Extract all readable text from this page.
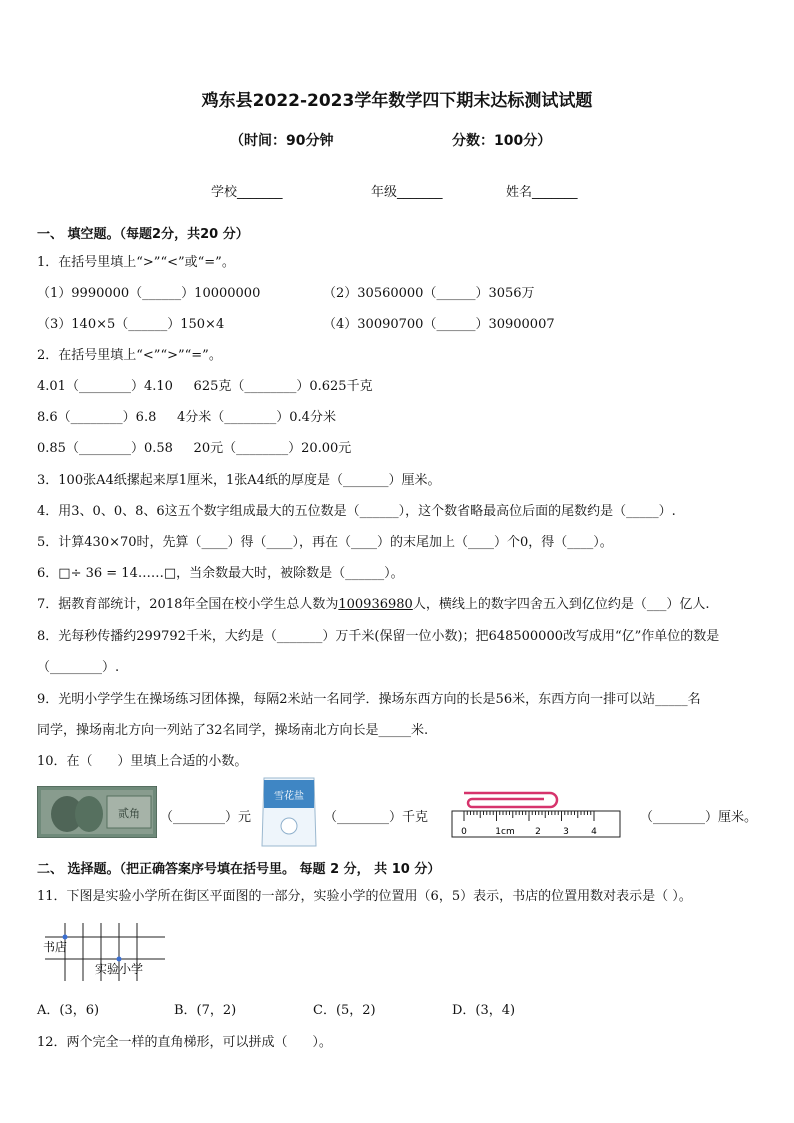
鸡东县2022-2023学年数学四下期末达标测试试题
（时间：90分钟	分数：100分）
学校_______	年级_______	姓名_______
一、 填空题。（每题2分，共20 分）
1．在括号里填上“>”“<”或“=”。
（1）9990000（______）10000000	（2）30560000（______）3056万
（3）140×5（______）150×4	（4）30090700（______）30900007
2．在括号里填上“<”“>”“=”。
4.01（________）4.10     625克（________）0.625千克
8.6（________）6.8     4分米（________）0.4分米
0.85（________）0.58     20元（________）20.00元
3．100张A4纸摞起来厚1厘米，1张A4纸的厚度是（_______）厘米。
4．用3、0、0、8、6这五个数字组成最大的五位数是（______），这个数省略最高位后面的尾数约是（_____）.
5．计算430×70时，先算（____）得（____），再在（____）的末尾加上（____）个0，得（____）。
6．□÷ 36 = 14……□，当余数最大时，被除数是（______）。
7．据教育部统计，2018年全国在校小学生总人数为100936980人，横线上的数字四舍五入到亿位约是（___）亿人.
8．光每秒传播约299792千米，大约是（_______）万千米(保留一位小数)；把648500000改写成用“亿”作单位的数是
（________）.
9．光明小学学生在操场练习团体操，每隔2米站一名同学．操场东西方向的长是56米，东西方向一排可以站_____名
同学，操场南北方向一列站了32名同学，操场南北方向长是_____米.
10．在（      ）里填上合适的小数。
贰角 （________）元
雪花盐
（________）千克
0	1cm 2 3 4
（________）厘米。
二、 选择题。（把正确答案序号填在括号里。 每题 2 分， 共 10 分）
11．下图是实验小学所在街区平面图的一部分，实验小学的位置用（6，5）表示，书店的位置用数对表示是（ ）。
书店
实验小学
A．(3，6)	B．(7，2)	C．(5，2)	D．(3，4)
12．两个完全一样的直角梯形，可以拼成（      ）。
